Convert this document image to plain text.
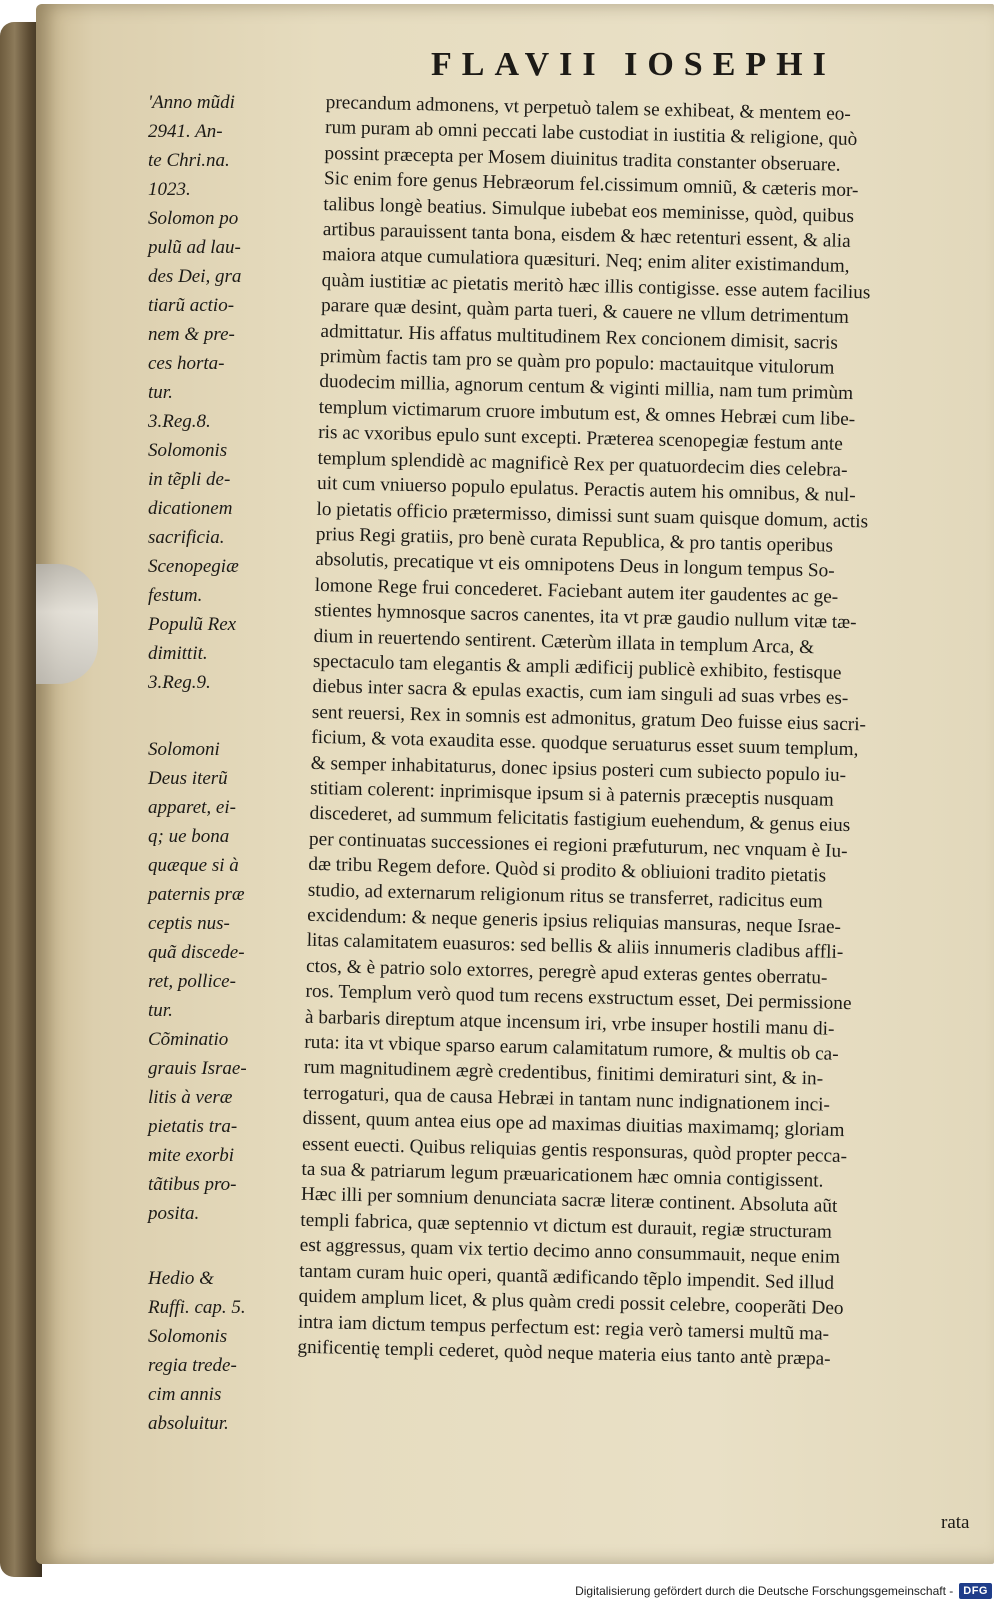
FLAVII IOSEPHI

'Anno mũdi
2941. An-
te Chri.na.
1023.

Solomon po
pulũ ad lau-
des Dei, gra
tiarũ actio-
nem & pre-
ces horta-
tur.

3.Reg.8.

Solomonis
in tẽpli de-
dicationem
sacrificia.

Scenopegiæ
festum.

Populũ Rex
dimittit.

3.Reg.9.

Solomoni
Deus iterũ
apparet, ei-
q; ue bona
quæque si à
paternis præ
ceptis nus-
quã discede-
ret, pollice-
tur.

Cõminatio
grauis Israe-
litis à veræ
pietatis tra-
mite exorbi
tãtibus pro-
posita.

Hedio &
Ruffi. cap. 5.
Solomonis
regia trede-
cim annis
absoluitur.

precandum admonens, vt perpetuò talem se exhibeat, & mentem eo-
rum puram ab omni peccati labe custodiat in iustitia & religione, quò
possint præcepta per Mosem diuinitus tradita constanter obseruare.
Sic enim fore genus Hebræorum fel.cissimum omniũ, & cæteris mor-
talibus longè beatius. Simulque iubebat eos meminisse, quòd, quibus
artibus parauissent tanta bona, eisdem & hæc retenturi essent, & alia
maiora atque cumulatiora quæsituri. Neq; enim aliter existimandum,
quàm iustitiæ ac pietatis meritò hæc illis contigisse. esse autem facilius
parare quæ desint, quàm parta tueri, & cauere ne vllum detrimentum
admittatur. His affatus multitudinem Rex concionem dimisit, sacris
primùm factis tam pro se quàm pro populo: mactauitque vitulorum
duodecim millia, agnorum centum & viginti millia, nam tum primùm
templum victimarum cruore imbutum est, & omnes Hebræi cum libe-
ris ac vxoribus epulo sunt excepti. Præterea scenopegiæ festum ante
templum splendidè ac magnificè Rex per quatuordecim dies celebra-
uit cum vniuerso populo epulatus. Peractis autem his omnibus, & nul-
lo pietatis officio prætermisso, dimissi sunt suam quisque domum, actis
prius Regi gratiis, pro benè curata Republica, & pro tantis operibus
absolutis, precatique vt eis omnipotens Deus in longum tempus So-
lomone Rege frui concederet. Faciebant autem iter gaudentes ac ge-
stientes hymnosque sacros canentes, ita vt præ gaudio nullum vitæ tæ-
dium in reuertendo sentirent. Cæterùm illata in templum Arca, &
spectaculo tam elegantis & ampli ædificij publicè exhibito, festisque
diebus inter sacra & epulas exactis, cum iam singuli ad suas vrbes es-
sent reuersi, Rex in somnis est admonitus, gratum Deo fuisse eius sacri-
ficium, & vota exaudita esse. quodque seruaturus esset suum templum,
& semper inhabitaturus, donec ipsius posteri cum subiecto populo iu-
stitiam colerent: inprimisque ipsum si à paternis præceptis nusquam
discederet, ad summum felicitatis fastigium euehendum, & genus eius
per continuatas successiones ei regioni præfuturum, nec vnquam è Iu-
dæ tribu Regem defore. Quòd si prodito & obliuioni tradito pietatis
studio, ad externarum religionum ritus se transferret, radicitus eum
excidendum: & neque generis ipsius reliquias mansuras, neque Israe-
litas calamitatem euasuros: sed bellis & aliis innumeris cladibus affli-
ctos, & è patrio solo extorres, peregrè apud exteras gentes oberratu-
ros. Templum verò quod tum recens exstructum esset, Dei permissione
à barbaris direptum atque incensum iri, vrbe insuper hostili manu di-
ruta: ita vt vbique sparso earum calamitatum rumore, & multis ob ca-
rum magnitudinem ægrè credentibus, finitimi demiraturi sint, & in-
terrogaturi, qua de causa Hebræi in tantam nunc indignationem inci-
dissent, quum antea eius ope ad maximas diuitias maximamq; gloriam
essent euecti. Quibus reliquias gentis responsuras, quòd propter pecca-
ta sua & patriarum legum præuaricationem hæc omnia contigissent.
Hæc illi per somnium denunciata sacræ literæ continent. Absoluta aũt
templi fabrica, quæ septennio vt dictum est durauit, regiæ structuram
est aggressus, quam vix tertio decimo anno consummauit, neque enim
tantam curam huic operi, quantã ædificando tẽplo impendit. Sed illud
quidem amplum licet, & plus quàm credi possit celebre, cooperãti Deo
intra iam dictum tempus perfectum est: regia verò tamersi multũ ma-
gnificentię templi cederet, quòd neque materia eius tanto antè præpa-
rata
Digitalisierung gefördert durch die Deutsche Forschungsgemeinschaft - DFG
